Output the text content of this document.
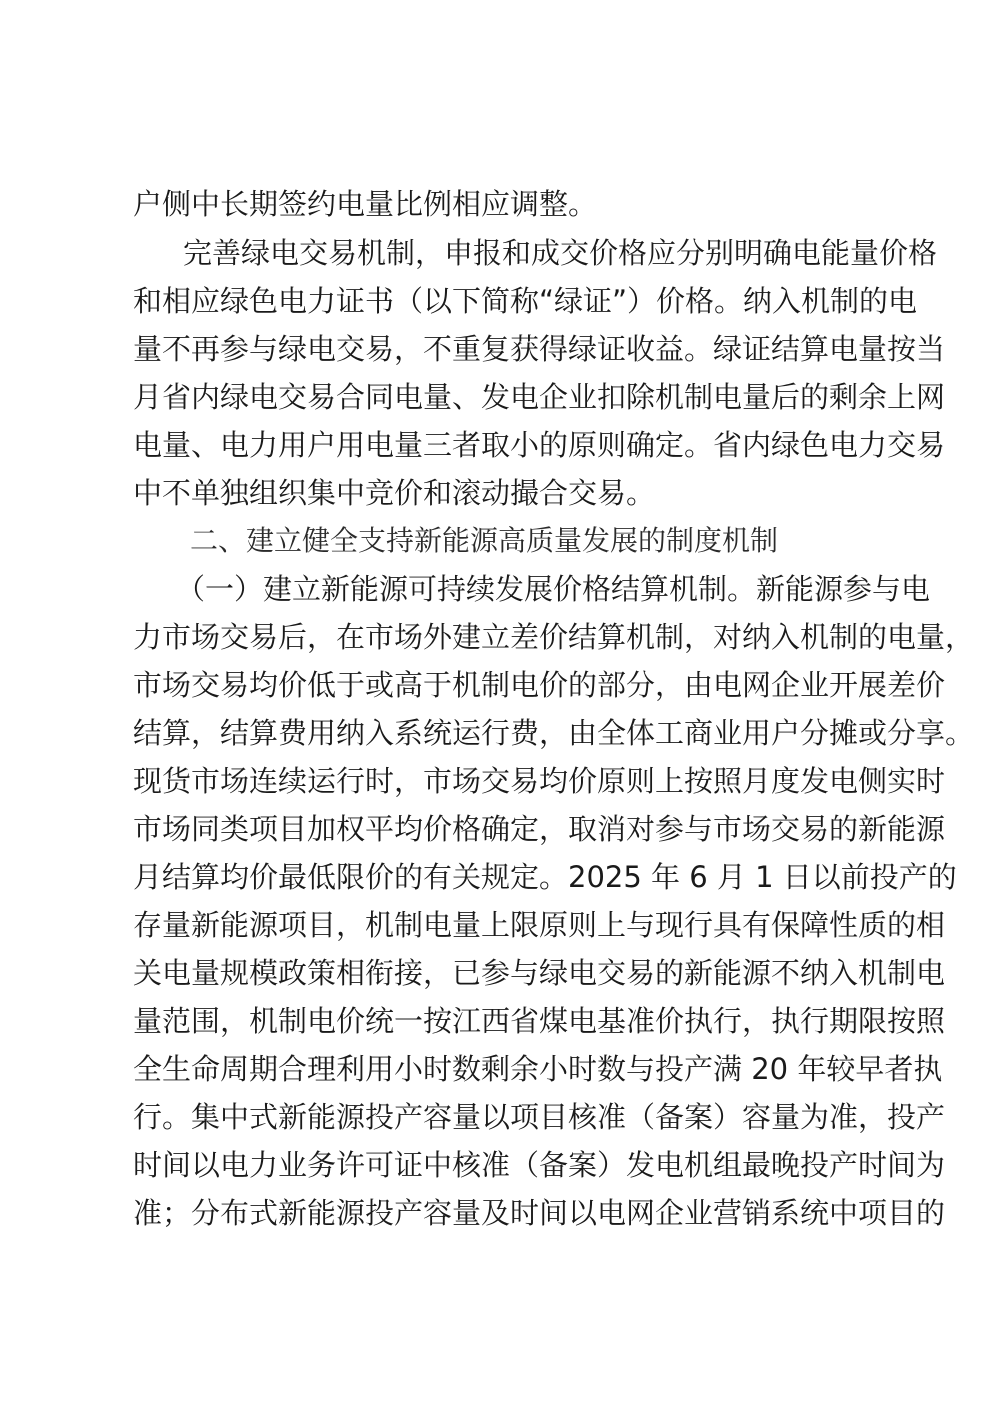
户侧中长期签约电量比例相应调整。
完善绿电交易机制，申报和成交价格应分别明确电能量价格
和相应绿色电力证书（以下简称“绿证”）价格。纳入机制的电
量不再参与绿电交易，不重复获得绿证收益。绿证结算电量按当
月省内绿电交易合同电量、发电企业扣除机制电量后的剩余上网
电量、电力用户用电量三者取小的原则确定。省内绿色电力交易
中不单独组织集中竞价和滚动撮合交易。
二、建立健全支持新能源高质量发展的制度机制
（一）建立新能源可持续发展价格结算机制。新能源参与电
力市场交易后，在市场外建立差价结算机制，对纳入机制的电量，
市场交易均价低于或高于机制电价的部分，由电网企业开展差价
结算，结算费用纳入系统运行费，由全体工商业用户分摊或分享。
现货市场连续运行时，市场交易均价原则上按照月度发电侧实时
市场同类项目加权平均价格确定，取消对参与市场交易的新能源
月结算均价最低限价的有关规定。2025 年 6 月 1 日以前投产的
存量新能源项目，机制电量上限原则上与现行具有保障性质的相
关电量规模政策相衔接，已参与绿电交易的新能源不纳入机制电
量范围，机制电价统一按江西省煤电基准价执行，执行期限按照
全生命周期合理利用小时数剩余小时数与投产满 20 年较早者执
行。集中式新能源投产容量以项目核准（备案）容量为准，投产
时间以电力业务许可证中核准（备案）发电机组最晚投产时间为
准；分布式新能源投产容量及时间以电网企业营销系统中项目的
